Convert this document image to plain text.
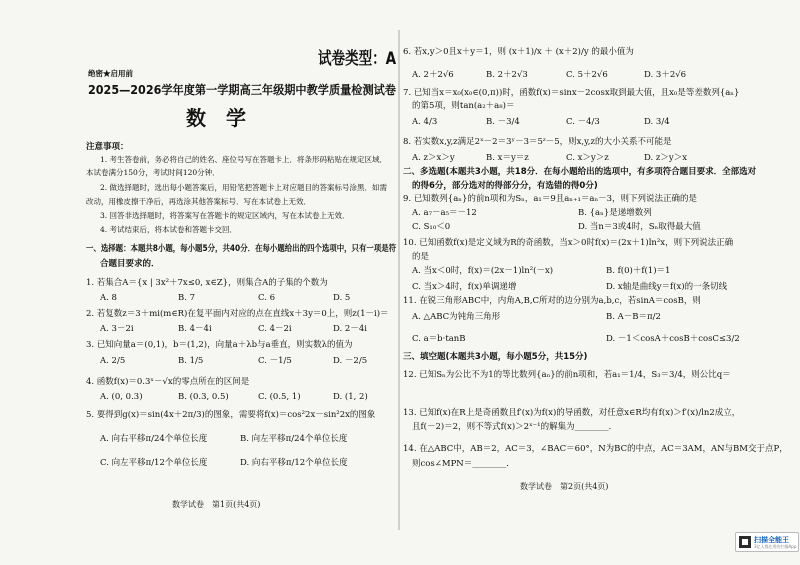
试卷类型：A
绝密★启用前
2025—2026学年度第一学期高三年级期中教学质量检测试卷
数学
注意事项：
1. 考生答卷前，务必将自己的姓名、座位号写在答题卡上．将条形码粘贴在规定区域．
本试卷满分150分，考试时间120分钟．
2. 做选择题时，选出每小题答案后，用铅笔把答题卡上对应题目的答案标号涂黑．如需
改动，用橡皮擦干净后，再选涂其他答案标号．写在本试卷上无效．
3. 回答非选择题时，将答案写在答题卡的规定区域内，写在本试卷上无效．
4. 考试结束后，将本试卷和答题卡交回．
一、选择题：本题共8小题，每小题5分，共40分．在每小题给出的四个选项中，只有一项是符
合题目要求的．
1. 若集合A＝{x | 3x²＋7x≤0, x∈Z}，则集合A的子集的个数为
A. 8	B. 7	C. 6	D. 5
2. 若复数z＝3＋mi(m∈R)在复平面内对应的点在直线x＋3y＝0上，则z(1－i)＝
A. 3－2i	B. 4－4i	C. 4－2i	D. 2－4i
3. 已知向量a＝(0,1)，b＝(1,2)，向量a＋λb与a垂直，则实数λ的值为
A. 2/5	B. 1/5	C. －1/5	D. －2/5
4. 函数f(x)＝0.3ˣ－√x的零点所在的区间是
A. (0, 0.3)	B. (0.3, 0.5)	C. (0.5, 1)	D. (1, 2)
5. 要得到g(x)＝sin(4x＋2π/3)的图象，需要将f(x)＝cos²2x－sin²2x的图象
A. 向右平移π/24个单位长度	B. 向左平移π/24个单位长度
C. 向左平移π/12个单位长度	D. 向右平移π/12个单位长度
数学试卷　第1页(共4页)
6. 若x,y＞0且x＋y＝1，则 (x＋1)/x ＋ (x＋2)/y 的最小值为
A. 2＋2√6	B. 2＋2√3	C. 5＋2√6	D. 3＋2√6
7. 已知当x＝x₀(x₀∈(0,π))时，函数f(x)＝sinx－2cosx取到最大值，且x₀是等差数列{aₙ}
的第5项，则tan(a₂＋a₈)＝
A. 4/3	B. －3/4	C. －4/3	D. 3/4
8. 若实数x,y,z满足2ˣ－2＝3ʸ－3＝5ᶻ－5，则x,y,z的大小关系不可能是
A. z＞x＞y	B. x＝y＝z	C. x＞y＞z	D. z＞y＞x
二、多选题(本题共3小题，共18分．在每小题给出的选项中，有多项符合题目要求．全部选对
的得6分，部分选对的得部分分，有选错的得0分)
9. 已知数列{aₙ}的前n项和为Sₙ，a₁＝9且aₙ₊₁＝aₙ－3，则下列说法正确的是
A. a₇－a₅＝－12	B. {aₙ}是递增数列
C. S₁₀＜0	D. 当n＝3或4时，Sₙ取得最大值
10. 已知函数f(x)是定义域为R的奇函数，当x＞0时f(x)＝(2x＋1)ln²x，则下列说法正确
的是
A. 当x＜0时，f(x)＝(2x－1)ln²(－x)	B. f(0)＋f(1)＝1
C. 当x＞4时，f(x)单调递增	D. x轴是曲线y＝f(x)的一条切线
11. 在锐三角形ABC中，内角A,B,C所对的边分别为a,b,c，若sinA＝cosB，则
A. △ABC为钝角三角形	B. A－B＝π/2
C. a＝b·tanB	D. －1＜cosA＋cosB＋cosC≤3/2
三、填空题(本题共3小题，每小题5分，共15分)
12. 已知Sₙ为公比不为1的等比数列{aₙ}的前n项和，若a₁＝1/4，S₃＝3/4，则公比q＝
13. 已知f(x)在R上是奇函数且f′(x)为f(x)的导函数，对任意x∈R均有f(x)＞f′(x)/ln2成立，
且f(－2)＝2，则不等式f(x)＞2ˣ⁻¹的解集为________．
14. 在△ABC中，AB＝2，AC＝3，∠BAC＝60°，N为BC的中点，AC＝3AM，AN与BM交于点P，
则cos∠MPN＝________．
数学试卷　第2页(共4页)
扫描全能王
3亿人都在用的扫描App
